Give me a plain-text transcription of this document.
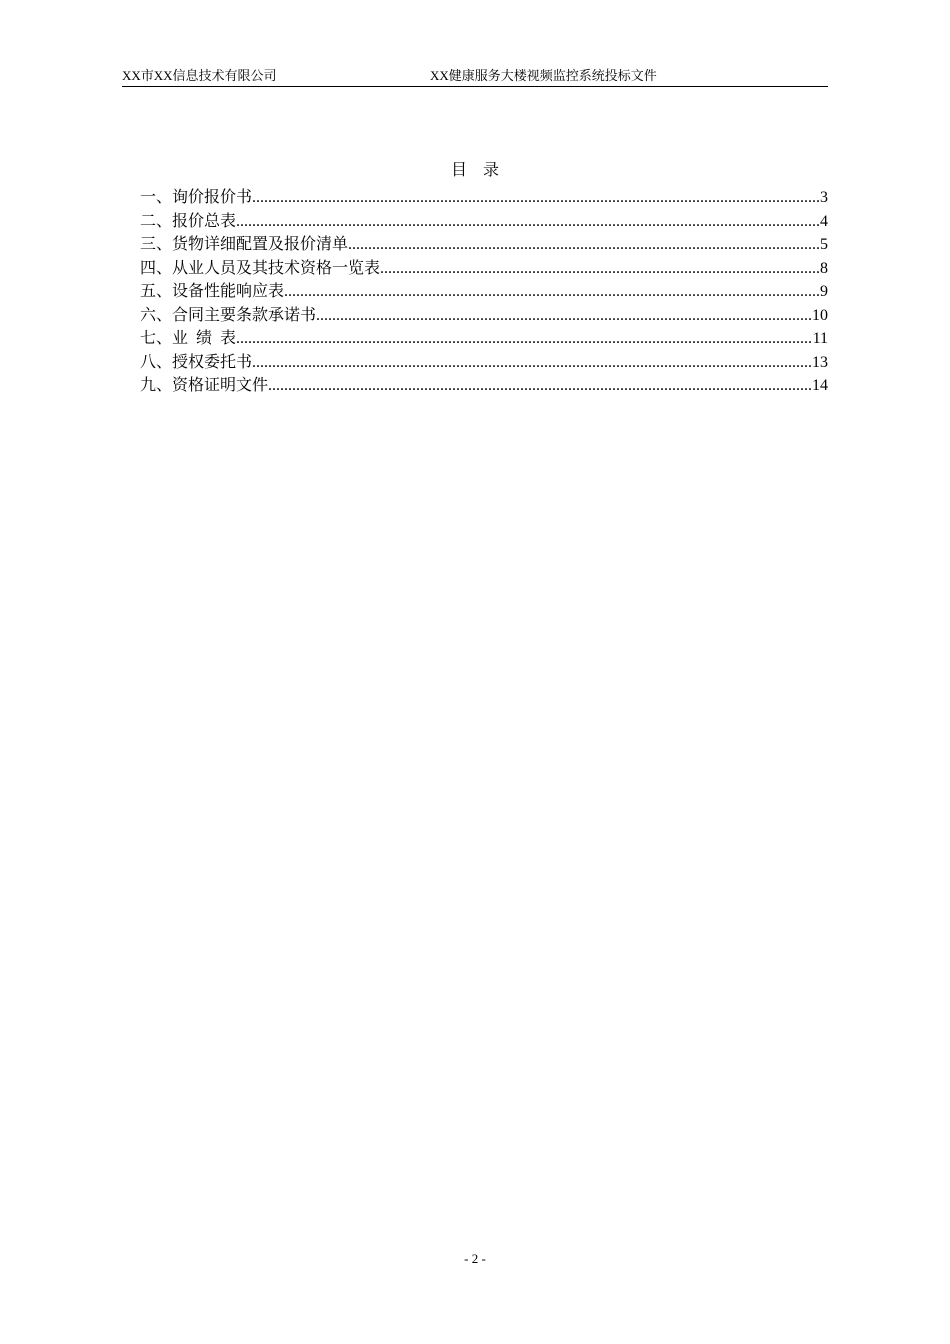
XX市XX信息技术有限公司	XX健康服务大楼视频监控系统投标文件
目    录
一、询价报价书 .....	3
二、报价总表 .....	4
三、货物详细配置及报价清单 .....	5
四、从业人员及其技术资格一览表 .....	8
五、设备性能响应表 .....	9
六、合同主要条款承诺书 .....	10
七、业  绩  表 .....	11
八、授权委托书 .....	13
九、资格证明文件 .....	14
- 2 -
